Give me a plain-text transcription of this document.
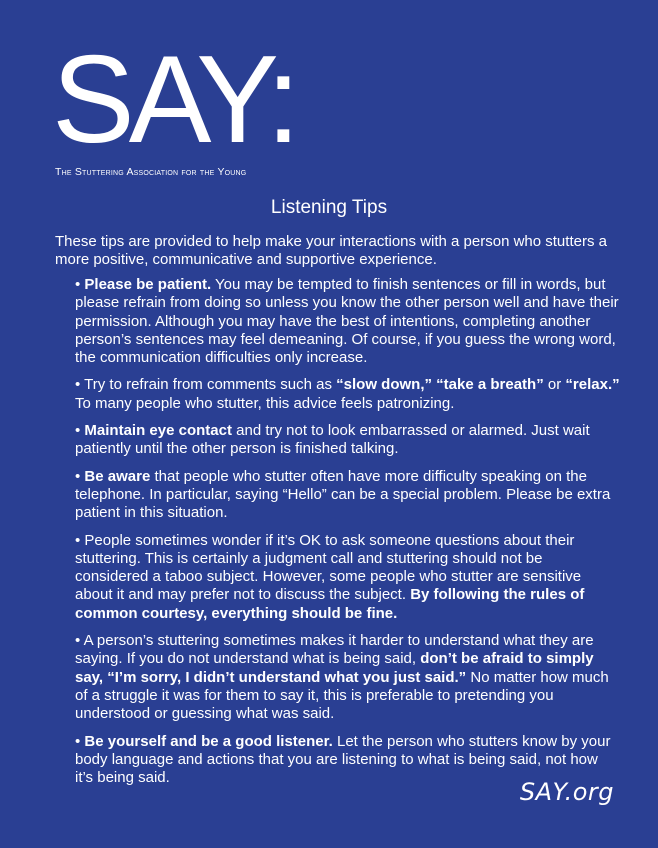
SAY:
The Stuttering Association for the Young
Listening Tips
These tips are provided to help make your interactions with a person who stutters a more positive, communicative and supportive experience.

• Please be patient. You may be tempted to finish sentences or fill in words, but please refrain from doing so unless you know the other person well and have their permission. Although you may have the best of intentions, completing another person’s sentences may feel demeaning. Of course, if you guess the wrong word, the communication difficulties only increase.

• Try to refrain from comments such as “slow down,” “take a breath” or “relax.” To many people who stutter, this advice feels patronizing.

• Maintain eye contact and try not to look embarrassed or alarmed. Just wait patiently until the other person is finished talking.

• Be aware that people who stutter often have more difficulty speaking on the telephone. In particular, saying “Hello” can be a special problem. Please be extra patient in this situation.

• People sometimes wonder if it’s OK to ask someone questions about their stuttering. This is certainly a judgment call and stuttering should not be considered a taboo subject. However, some people who stutter are sensitive about it and may prefer not to discuss the subject. By following the rules of common courtesy, everything should be fine.

• A person’s stuttering sometimes makes it harder to understand what they are saying. If you do not understand what is being said, don’t be afraid to simply say, “I’m sorry, I didn’t understand what you just said.” No matter how much of a struggle it was for them to say it, this is preferable to pretending you understood or guessing what was said.

• Be yourself and be a good listener. Let the person who stutters know by your body language and actions that you are listening to what is being said, not how it’s being said.

SAY.org
